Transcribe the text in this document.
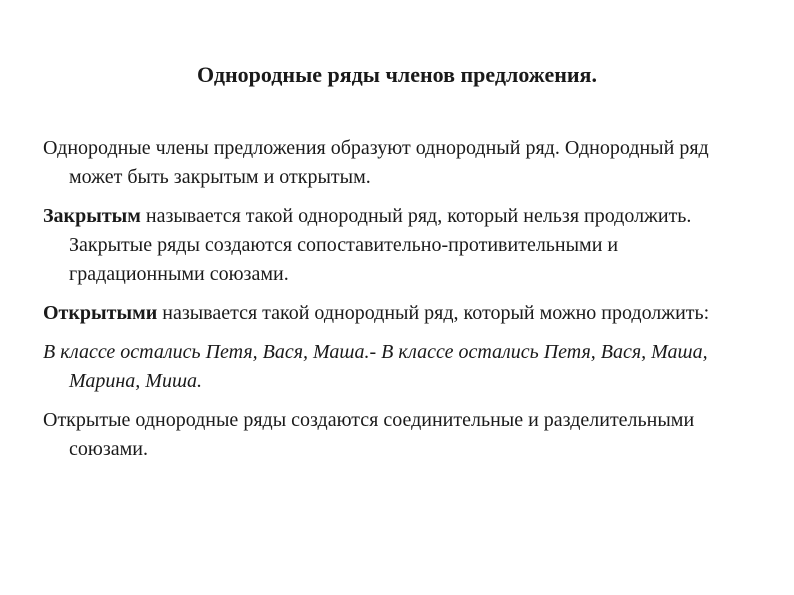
Однородные ряды членов предложения.

Однородные члены предложения образуют однородный ряд. Однородный ряд может быть закрытым и открытым.

Закрытым называется такой однородный ряд, который нельзя продолжить. Закрытые ряды создаются сопоставительно-противительными и градационными союзами.

Открытыми называется такой однородный ряд, который можно продолжить:

В классе остались Петя, Вася, Маша.- В классе остались Петя, Вася, Маша, Марина, Миша.

Открытые однородные ряды создаются соединительные и разделительными союзами.
